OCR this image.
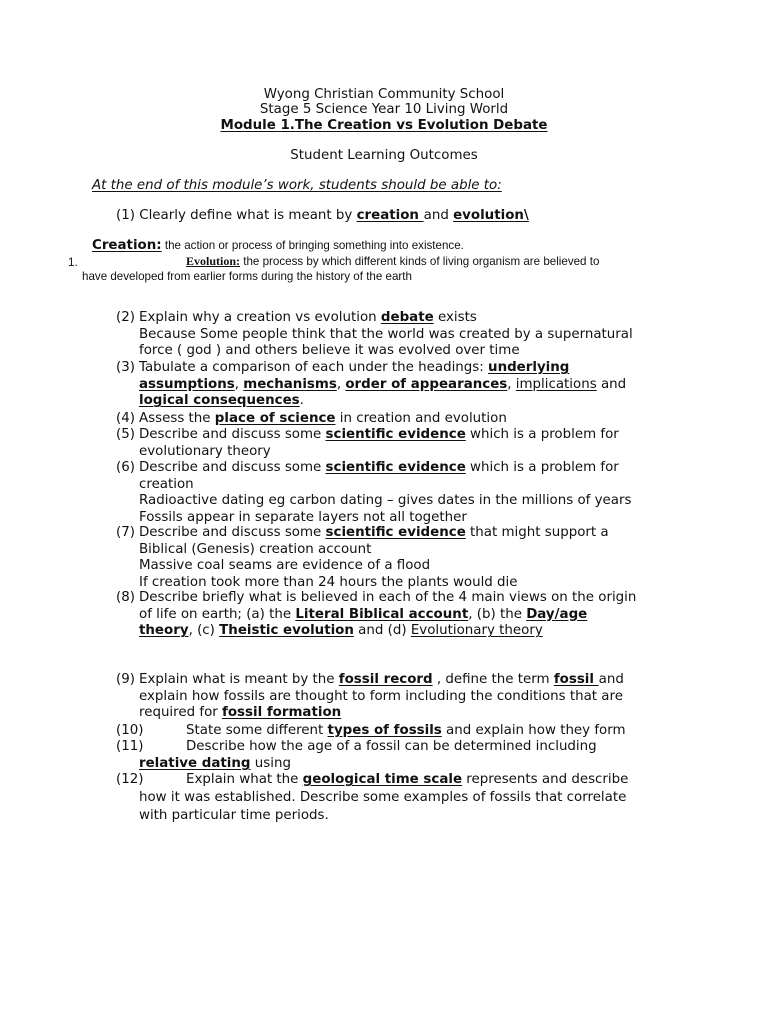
Wyong Christian Community School
Stage 5 Science Year 10 Living World
Module 1.The Creation vs Evolution Debate
Student Learning Outcomes
At the end of this module’s work, students should be able to:
(1) Clearly define what is meant by creation and evolution\
Creation: the action or process of bringing something into existence.
1.	Evolution: the process by which different kinds of living organism are believed to
have developed from earlier forms during the history of the earth
(2) Explain why a creation vs evolution debate exists
Because Some people think that the world was created by a supernatural
force ( god ) and others believe it was evolved over time
(3) Tabulate a comparison of each under the headings: underlying
assumptions, mechanisms, order of appearances, implications and
logical consequences.
(4) Assess the place of science in creation and evolution
(5) Describe and discuss some scientific evidence which is a problem for
evolutionary theory
(6) Describe and discuss some scientific evidence which is a problem for
creation
Radioactive dating eg carbon dating – gives dates in the millions of years
Fossils appear in separate layers not all together
(7) Describe and discuss some scientific evidence that might support a
Biblical (Genesis) creation account
Massive coal seams are evidence of a flood
If creation took more than 24 hours the plants would die
(8) Describe briefly what is believed in each of the 4 main views on the origin
of life on earth; (a) the Literal Biblical account, (b) the Day/age
theory, (c) Theistic evolution and (d) Evolutionary theory
(9) Explain what is meant by the fossil record , define the term fossil and
explain how fossils are thought to form including the conditions that are
required for fossil formation
(10)	State some different types of fossils and explain how they form
(11)	Describe how the age of a fossil can be determined including
relative dating using
(12)	Explain what the geological time scale represents and describe
how it was established. Describe some examples of fossils that correlate
with particular time periods.
